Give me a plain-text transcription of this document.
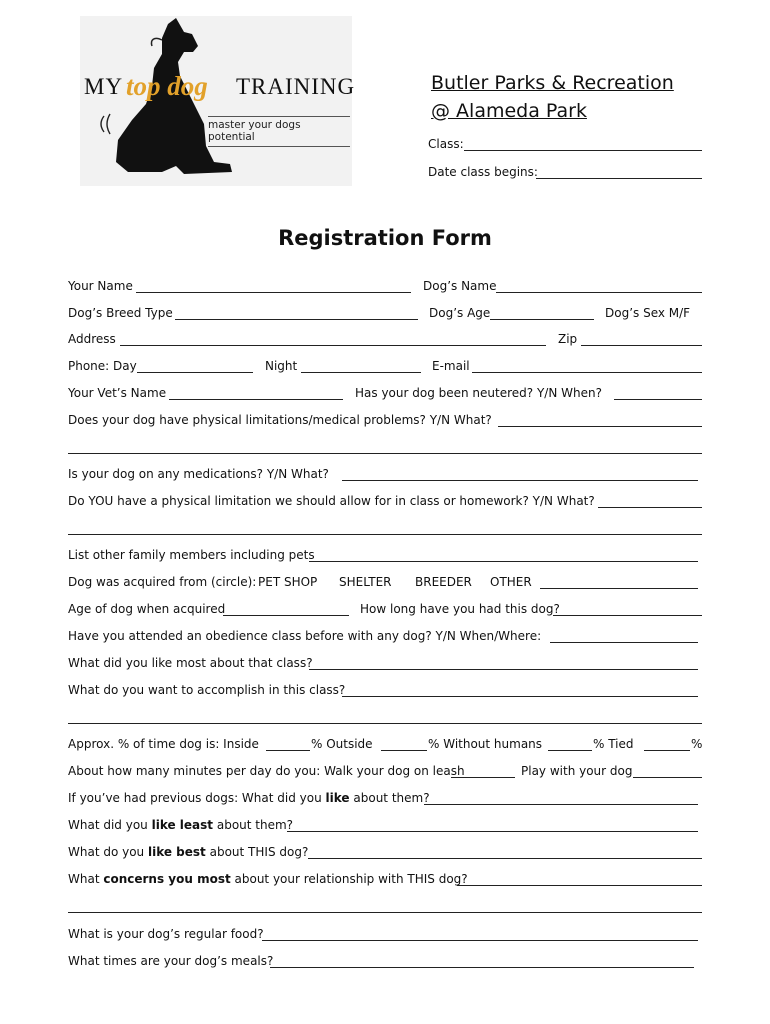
MY top dog TRAINING
master your dogs potential
Butler Parks & Recreation
@ Alameda Park
Class:
Date class begins:
Registration Form
Your Name	Dog’s Name
Dog’s Breed Type	Dog’s Age	Dog’s Sex M/F
Address	Zip
Phone: Day	Night	E-mail
Your Vet’s Name	Has your dog been neutered? Y/N When?
Does your dog have physical limitations/medical problems? Y/N What?
Is your dog on any medications? Y/N What?
Do YOU have a physical limitation we should allow for in class or homework? Y/N What?
List other family members including pets
Dog was acquired from (circle): PET SHOP SHELTER BREEDER OTHER
Age of dog when acquired	How long have you had this dog?
Have you attended an obedience class before with any dog? Y/N When/Where:
What did you like most about that class?
What do you want to accomplish in this class?
Approx. % of time dog is: Inside	% Outside	% Without humans	% Tied	%
About how many minutes per day do you: Walk your dog on leash	Play with your dog
If you’ve had previous dogs: What did you like about them?
What did you like least about them?
What do you like best about THIS dog?
What concerns you most about your relationship with THIS dog?
What is your dog’s regular food?
What times are your dog’s meals?
